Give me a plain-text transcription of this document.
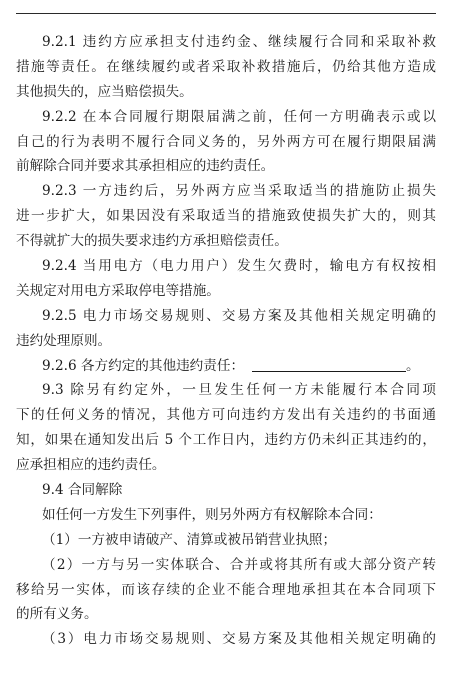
9.2.1 违约方应承担支付违约金、继续履行合同和采取补救
措施等责任。在继续履约或者采取补救措施后，仍给其他方造成
其他损失的，应当赔偿损失。
9.2.2 在本合同履行期限届满之前，任何一方明确表示或以
自己的行为表明不履行合同义务的，另外两方可在履行期限届满
前解除合同并要求其承担相应的违约责任。
9.2.3 一方违约后，另外两方应当采取适当的措施防止损失
进一步扩大，如果因没有采取适当的措施致使损失扩大的，则其
不得就扩大的损失要求违约方承担赔偿责任。
9.2.4 当用电方（电力用户）发生欠费时，输电方有权按相
关规定对用电方采取停电等措施。
9.2.5 电力市场交易规则、交易方案及其他相关规定明确的
违约处理原则。
9.2.6 各方约定的其他违约责任：	。
9.3 除另有约定外，一旦发生任何一方未能履行本合同项
下的任何义务的情况，其他方可向违约方发出有关违约的书面通
知，如果在通知发出后 5 个工作日内，违约方仍未纠正其违约的，
应承担相应的违约责任。
9.4 合同解除
如任何一方发生下列事件，则另外两方有权解除本合同：
（1）一方被申请破产、清算或被吊销营业执照；
（2）一方与另一实体联合、合并或将其所有或大部分资产转
移给另一实体，而该存续的企业不能合理地承担其在本合同项下
的所有义务。
（3）电力市场交易规则、交易方案及其他相关规定明确的
